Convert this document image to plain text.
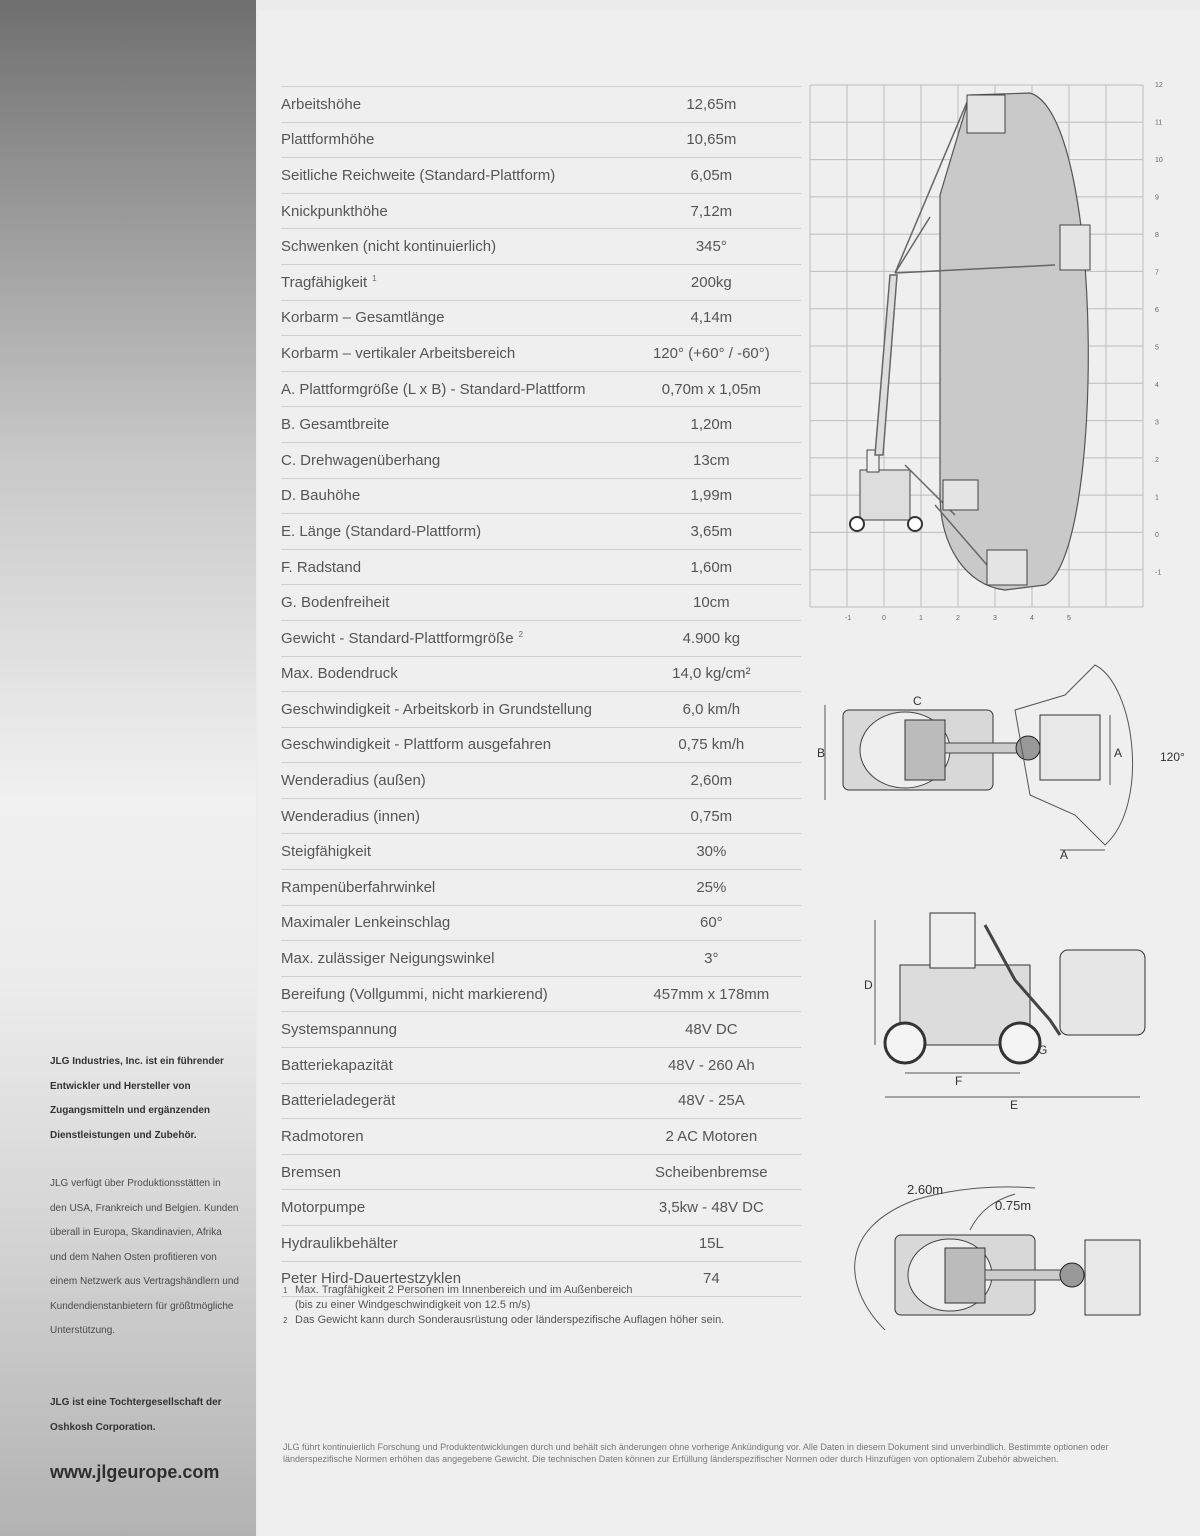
JLG Industries, Inc. ist ein führender Entwickler und Hersteller von Zugangsmitteln und ergänzenden Dienstleistungen und Zubehör.
JLG verfügt über Produktionsstätten in den USA, Frankreich und Belgien. Kunden überall in Europa, Skandinavien, Afrika und dem Nahen Osten profitieren von einem Netzwerk aus Vertragshändlern und Kundendienstanbietern für größtmögliche Unterstützung.
JLG ist eine Tochtergesellschaft der Oshkosh Corporation.
www.jlgeurope.com
Arbeitshöhe	12,65m
Plattformhöhe	10,65m
Seitliche Reichweite (Standard-Plattform)	6,05m
Knickpunkthöhe	7,12m
Schwenken (nicht kontinuierlich)	345°
Tragfähigkeit $^1$	200kg
Korbarm – Gesamtlänge	4,14m
Korbarm – vertikaler Arbeitsbereich	120° (+60° / -60°)
A. Plattformgröße (L x B) - Standard-Plattform	0,70m x 1,05m
B. Gesamtbreite	1,20m
C. Drehwagenüberhang	13cm
D. Bauhöhe	1,99m
E. Länge (Standard-Plattform)	3,65m
F. Radstand	1,60m
G. Bodenfreiheit	10cm
Gewicht - Standard-Plattformgröße $^2$	4.900 kg
Max. Bodendruck	14,0 kg/cm²
Geschwindigkeit - Arbeitskorb in Grundstellung	6,0 km/h
Geschwindigkeit - Plattform ausgefahren	0,75 km/h
Wenderadius (außen)	2,60m
Wenderadius (innen)	0,75m
Steigfähigkeit	30%
Rampenüberfahrwinkel	25%
Maximaler Lenkeinschlag	60°
Max. zulässiger Neigungswinkel	3°
Bereifung (Vollgummi, nicht markierend)	457mm x 178mm
Systemspannung	48V DC
Batteriekapazität	48V - 260 Ah
Batterieladegerät	48V - 25A
Radmotoren	2 AC Motoren
Bremsen	Scheibenbremse
Motorpumpe	3,5kw - 48V DC
Hydraulikbehälter	15L
Peter Hird-Dauertestzyklen	74
1 Max. Tragfähigkeit 2 Personen im Innenbereich und im Außenbereich
(bis zu einer Windgeschwindigkeit von 12.5 m/s)
2 Das Gewicht kann durch Sonderausrüstung oder länderspezifische Auflagen höher sein.
JLG führt kontinuierlich Forschung und Produktentwicklungen durch und behält sich änderungen ohne vorherige Ankündigung vor. Alle Daten in diesem Dokument sind unverbindlich. Bestimmte optionen oder länderspezifische Normen erhöhen das angegebene Gewicht. Die technischen Daten können zur Erfüllung länderspezifischer Normen oder durch Hinzufügen von optionalem Zubehör abweichen.
12
11
10
9
8
7
6
5
4
3
2
1
0
-1
-1	0	1	2	3	4	5
B
C
A
A	120°
D
G
F
E
2.60m
0.75m
